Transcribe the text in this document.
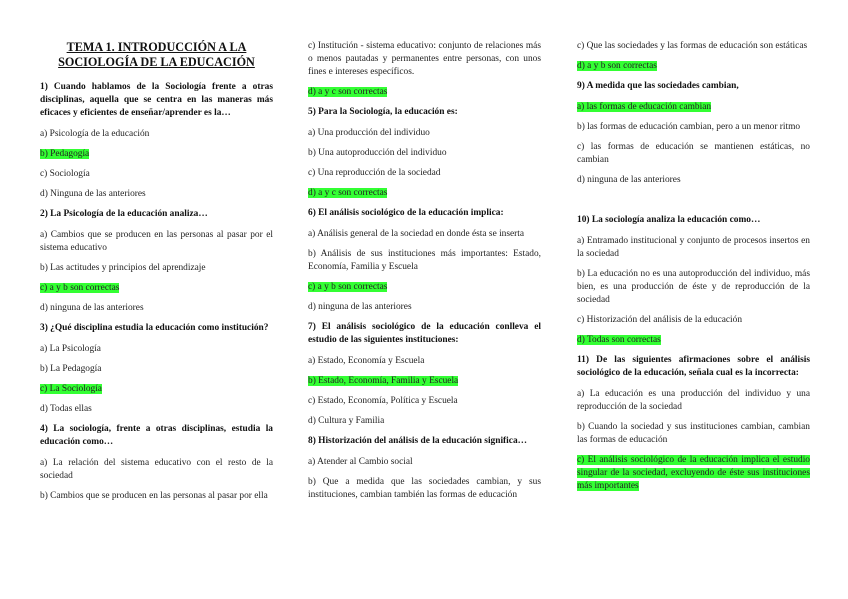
TEMA 1. INTRODUCCIÓN A LA SOCIOLOGÍA DE LA EDUCACIÓN
1) Cuando hablamos de la Sociología frente a otras disciplinas, aquella que se centra en las maneras más eficaces y eficientes de enseñar/aprender es la…
a) Psicología de la educación
b) Pedagogía
c) Sociología
d) Ninguna de las anteriores
2) La Psicología de la educación analiza…
a) Cambios que se producen en las personas al pasar por el sistema educativo
b) Las actitudes y principios del aprendizaje
c) a y b son correctas
d) ninguna de las anteriores
3) ¿Qué disciplina estudia la educación como institución?
a) La Psicología
b) La Pedagogía
c) La Sociología
d) Todas ellas
4) La sociología, frente a otras disciplinas, estudia la educación como…
a) La relación del sistema educativo con el resto de la sociedad
b) Cambios que se producen en las personas al pasar por ella
c) Institución - sistema educativo: conjunto de relaciones más o menos pautadas y permanentes entre personas, con unos fines e intereses específicos.
d) a y c son correctas
5) Para la Sociología, la educación es:
a) Una producción del individuo
b) Una autoproducción del individuo
c) Una reproducción de la sociedad
d) a y c son correctas
6) El análisis sociológico de la educación implica:
a) Análisis general de la sociedad en donde ésta se inserta
b) Análisis de sus instituciones más importantes: Estado, Economía, Familia y Escuela
c) a y b son correctas
d) ninguna de las anteriores
7) El análisis sociológico de la educación conlleva el estudio de las siguientes instituciones:
a) Estado, Economía y Escuela
b) Estado, Economía, Familia y Escuela
c) Estado, Economía, Política y Escuela
d) Cultura y Familia
8) Historización del análisis de la educación significa…
a) Atender al Cambio social
b) Que a medida que las sociedades cambian, y sus instituciones, cambian también las formas de educación
c) Que las sociedades y las formas de educación son estáticas
d) a y b son correctas
9) A medida que las sociedades cambian,
a) las formas de educación cambian
b) las formas de educación cambian, pero a un menor ritmo
c) las formas de educación se mantienen estáticas, no cambian
d) ninguna de las anteriores
10) La sociología analiza la educación como…
a) Entramado institucional y conjunto de procesos insertos en la sociedad
b) La educación no es una autoproducción del individuo, más bien, es una producción de éste y de reproducción de la sociedad
c) Historización del análisis de la educación
d) Todas son correctas
11) De las siguientes afirmaciones sobre el análisis sociológico de la educación, señala cual es la incorrecta:
a) La educación es una producción del individuo y una reproducción de la sociedad
b) Cuando la sociedad y sus instituciones cambian, cambian las formas de educación
c) El análisis sociológico de la educación implica el estudio singular de la sociedad, excluyendo de éste sus instituciones más importantes
